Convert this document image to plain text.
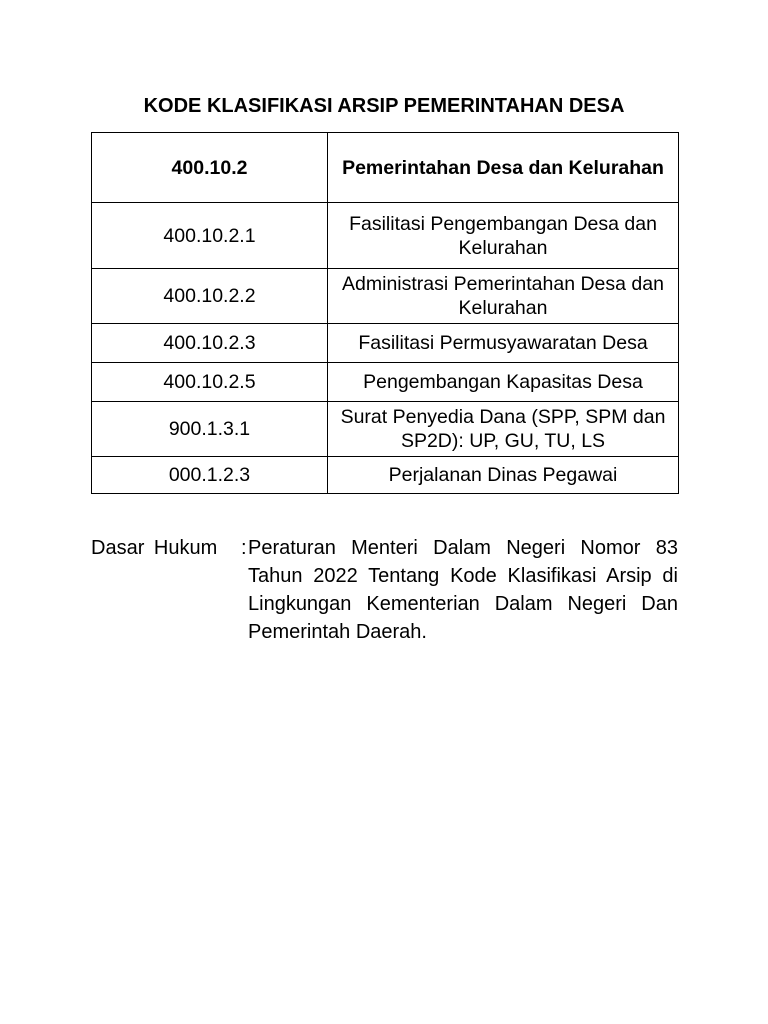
KODE KLASIFIKASI ARSIP PEMERINTAHAN DESA
400.10.2	Pemerintahan Desa dan Kelurahan
400.10.2.1	Fasilitasi Pengembangan Desa dan Kelurahan
400.10.2.2	Administrasi Pemerintahan Desa dan Kelurahan
400.10.2.3	Fasilitasi Permusyawaratan Desa
400.10.2.5	Pengembangan Kapasitas Desa
900.1.3.1	Surat Penyedia Dana (SPP, SPM dan SP2D): UP, GU, TU, LS
000.1.2.3	Perjalanan Dinas Pegawai
Dasar Hukum : Peraturan Menteri Dalam Negeri Nomor 83 Tahun 2022 Tentang Kode Klasifikasi Arsip di Lingkungan Kementerian Dalam Negeri Dan Pemerintah Daerah.
